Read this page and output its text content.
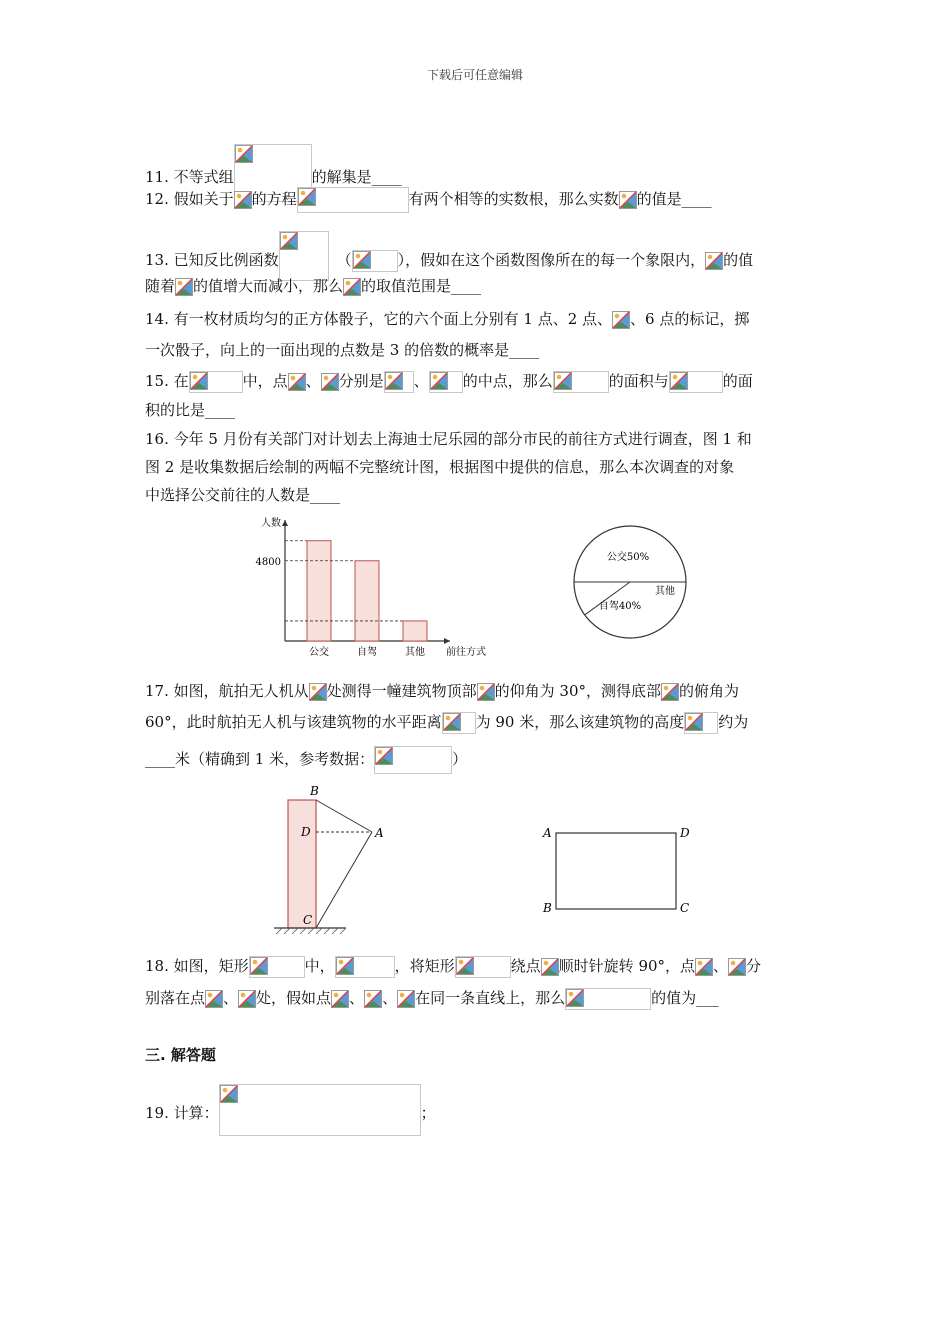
下载后可任意编辑
11. 不等式组	的解集是____
12. 假如关于 的方程	有两个相等的实数根，那么实数 的值是____
13. 已知反比例函数	（	），假如在这个函数图像所在的每一个象限内， 的值
随着 的值增大而减小，那么 的取值范围是____
14. 有一枚材质均匀的正方体骰子，它的六个面上分别有 1 点、2 点、 、6 点的标记，掷
一次骰子，向上的一面出现的点数是 3 的倍数的概率是____
15. 在	中，点 、 分别是 、 的中点，那么	的面积与	的面
积的比是____
16. 今年 5 月份有关部门对计划去上海迪士尼乐园的部分市民的前往方式进行调查，图 1 和
图 2 是收集数据后绘制的两幅不完整统计图，根据图中提供的信息，那么本次调查的对象
中选择公交前往的人数是____
公交	自驾	其他
4800
人数
前往方式
公交50%
自驾40%
其他
17. 如图，航拍无人机从 处测得一幢建筑物顶部 的仰角为 30°，测得底部 的俯角为
60°，此时航拍无人机与该建筑物的水平距离 为 90 米，那么该建筑物的高度 约为
____米（精确到 1 米，参考数据：	）
B
D	A
C
A	D
B	C
18. 如图，矩形	中，	，将矩形	绕点 顺时针旋转 90°，点 、 分
别落在点 、 处，假如点 、 、 在同一条直线上，那么	的值为___
三. 解答题
19. 计算：	；
